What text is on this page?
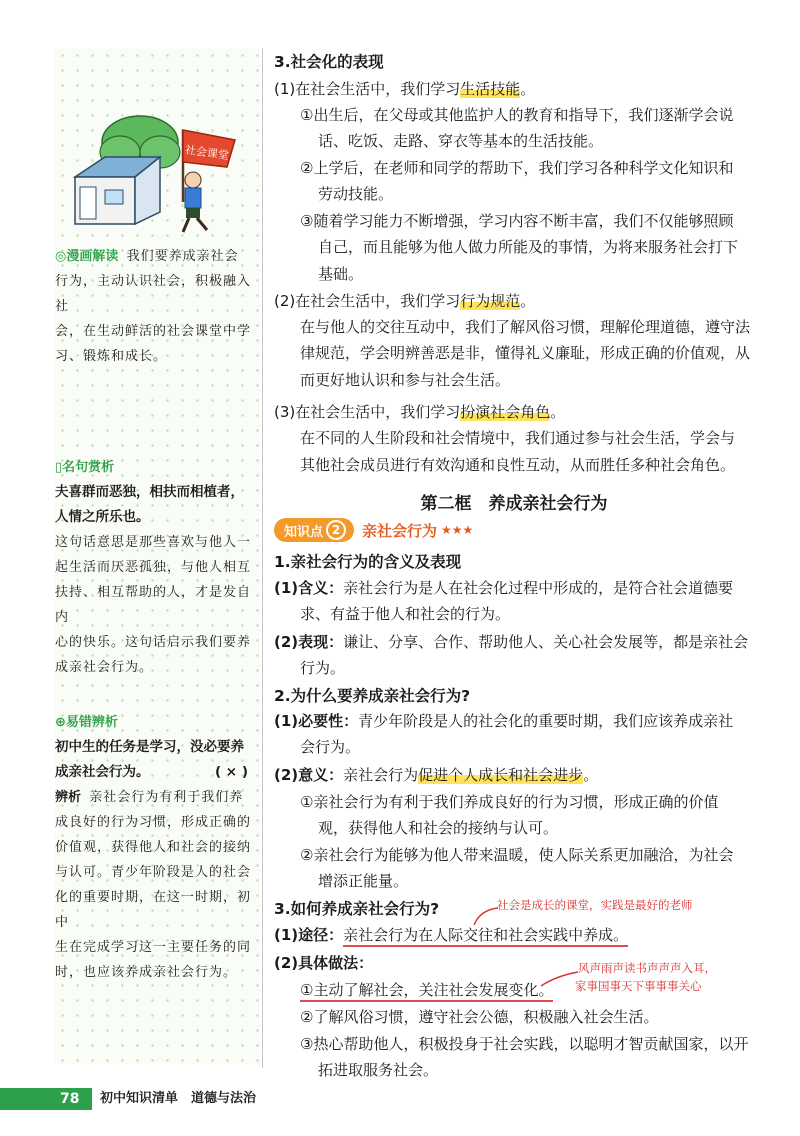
社会课堂

◎漫画解读 我们要养成亲社会

行为，主动认识社会，积极融入社

会，在生动鲜活的社会课堂中学

习、锻炼和成长。

▯名句赏析

夫喜群而恶独，相扶而相植者，

人情之所乐也。

这句话意思是那些喜欢与他人一

起生活而厌恶孤独，与他人相互

扶持、相互帮助的人，才是发自内

心的快乐。这句话启示我们要养

成亲社会行为。

⊕易错辨析

初中生的任务是学习，没必要养

成亲社会行为。	( × )

辨析 亲社会行为有利于我们养

成良好的行为习惯，形成正确的

价值观，获得他人和社会的接纳

与认可。青少年阶段是人的社会

化的重要时期，在这一时期，初中

生在完成学习这一主要任务的同

时，也应该养成亲社会行为。

3.社会化的表现
(1)在社会生活中，我们学习生活技能。
①出生后，在父母或其他监护人的教育和指导下，我们逐渐学会说
话、吃饭、走路、穿衣等基本的生活技能。
②上学后，在老师和同学的帮助下，我们学习各种科学文化知识和
劳动技能。
③随着学习能力不断增强，学习内容不断丰富，我们不仅能够照顾
自己，而且能够为他人做力所能及的事情，为将来服务社会打下
基础。
(2)在社会生活中，我们学习行为规范。
在与他人的交往互动中，我们了解风俗习惯，理解伦理道德，遵守法
律规范，学会明辨善恶是非，懂得礼义廉耻，形成正确的价值观，从
而更好地认识和参与社会生活。
(3)在社会生活中，我们学习扮演社会角色。
在不同的人生阶段和社会情境中，我们通过参与社会生活，学会与
其他社会成员进行有效沟通和良性互动，从而胜任多种社会角色。
第二框　养成亲社会行为
知识点 2	亲社会行为 ★★★
1.亲社会行为的含义及表现
(1)含义：亲社会行为是人在社会化过程中形成的，是符合社会道德要
求、有益于他人和社会的行为。
(2)表现：谦让、分享、合作、帮助他人、关心社会发展等，都是亲社会
行为。
2.为什么要养成亲社会行为?
(1)必要性：青少年阶段是人的社会化的重要时期，我们应该养成亲社
会行为。
(2)意义：亲社会行为促进个人成长和社会进步。
①亲社会行为有利于我们养成良好的行为习惯，形成正确的价值
观，获得他人和社会的接纳与认可。
②亲社会行为能够为他人带来温暖，使人际关系更加融洽，为社会
增添正能量。
3.如何养成亲社会行为?
(1)途径：亲社会行为在人际交往和社会实践中养成。
(2)具体做法：
①主动了解社会，关注社会发展变化。
②了解风俗习惯，遵守社会公德，积极融入社会生活。
③热心帮助他人，积极投身于社会实践，以聪明才智贡献国家，以开
拓进取服务社会。
社会是成长的课堂，实践是最好的老师
风声雨声读书声声声入耳，
家事国事天下事事事关心
78 初中知识清单　道德与法治
